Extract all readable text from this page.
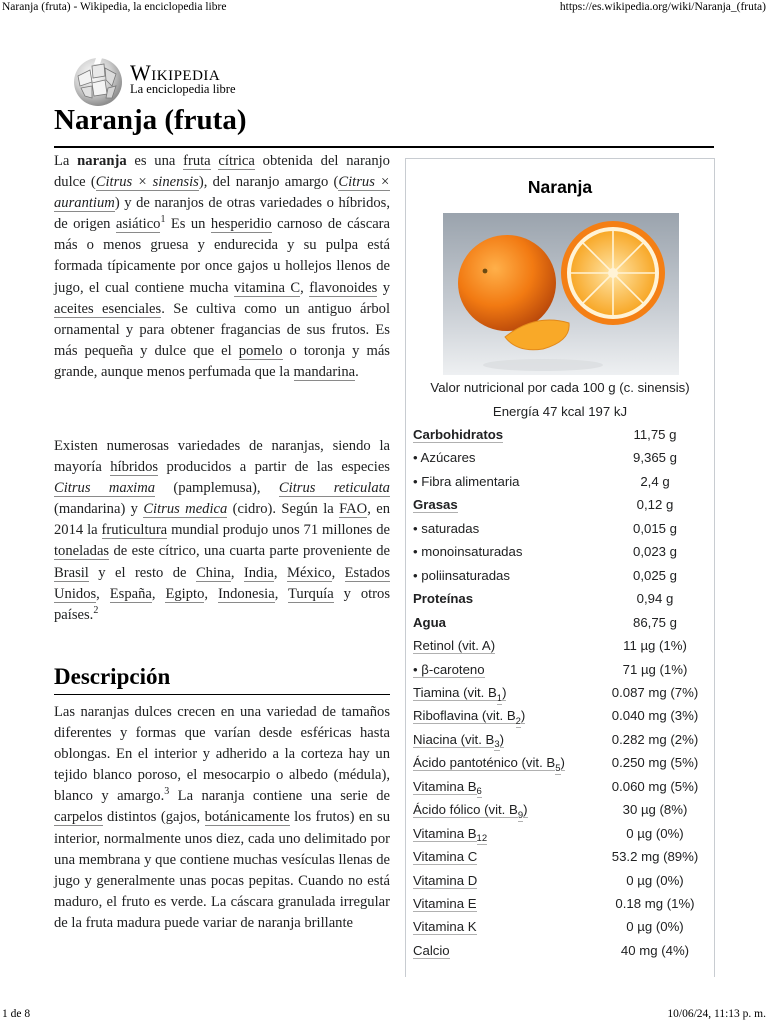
Naranja (fruta) - Wikipedia, la enciclopedia libre	https://es.wikipedia.org/wiki/Naranja_(fruta)
Wikipedia
La enciclopedia libre
Naranja (fruta)

La naranja es una fruta cítrica obtenida del naranjo dulce (Citrus × sinensis), del naranjo amargo (Citrus × aurantium) y de naranjos de otras variedades o híbridos, de origen asiático$^1$ Es un hesperidio carnoso de cáscara más o menos gruesa y endurecida y su pulpa está formada típicamente por once gajos u hollejos llenos de jugo, el cual contiene mucha vitamina C, flavonoides y aceites esenciales. Se cultiva como un antiguo árbol ornamental y para obtener fragancias de sus frutos. Es más pequeña y dulce que el pomelo o toronja y más grande, aunque menos perfumada que la mandarina.

Existen numerosas variedades de naranjas, siendo la mayoría híbridos producidos a partir de las especies Citrus maxima (pamplemusa), Citrus reticulata (mandarina) y Citrus medica (cidro). Según la FAO, en 2014 la fruticultura mundial produjo unos 71 millones de toneladas de este cítrico, una cuarta parte proveniente de Brasil y el resto de China, India, México, Estados Unidos, España, Egipto, Indonesia, Turquía y otros países.$^2$

Descripción

Las naranjas dulces crecen en una variedad de tamaños diferentes y formas que varían desde esféricas hasta oblongas. En el interior y adherido a la corteza hay un tejido blanco poroso, el mesocarpio o albedo (médula), blanco y amargo.$^3$ La naranja contiene una serie de carpelos distintos (gajos, botánicamente los frutos) en su interior, normalmente unos diez, cada uno delimitado por una membrana y que contiene muchas vesículas llenas de jugo y generalmente unas pocas pepitas. Cuando no está maduro, el fruto es verde. La cáscara granulada irregular de la fruta madura puede variar de naranja brillante

Naranja
Valor nutricional por cada 100 g (c. sinensis)
Energía 47 kcal 197 kJ
Carbohidratos	11,75 g
• Azúcares	9,365 g
• Fibra alimentaria	2,4 g
Grasas	0,12 g
• saturadas	0,015 g
• monoinsaturadas	0,023 g
• poliinsaturadas	0,025 g
Proteínas	0,94 g
Agua	86,75 g
Retinol (vit. A)	11 µg (1%)
• β-caroteno	71 µg (1%)
Tiamina (vit. $B_1$)	0.087 mg (7%)
Riboflavina (vit. $B_2$)	0.040 mg (3%)
Niacina (vit. $B_3$)	0.282 mg (2%)
Ácido pantoténico (vit. $B_5$)	0.250 mg (5%)
Vitamina $B_6$	0.060 mg (5%)
Ácido fólico (vit. $B_9$)	30 µg (8%)
Vitamina $B_{12}$	0 µg (0%)
Vitamina C	53.2 mg (89%)
Vitamina D	0 µg (0%)
Vitamina E	0.18 mg (1%)
Vitamina K	0 µg (0%)
Calcio	40 mg (4%)
1 de 8	10/06/24, 11:13 p. m.
